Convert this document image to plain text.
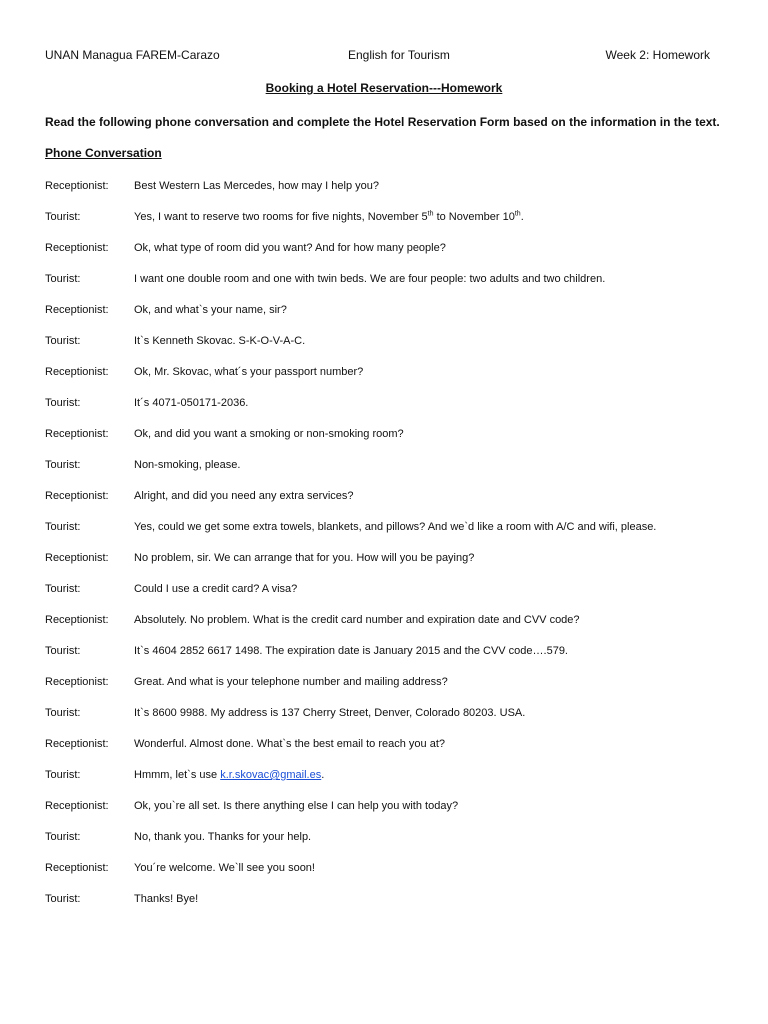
UNAN Managua FAREM-Carazo	English for Tourism	Week 2: Homework
Booking a Hotel Reservation---Homework
Read the following phone conversation and complete the Hotel Reservation Form based on the information in the text.
Phone Conversation
Receptionist: Best Western Las Mercedes, how may I help you?
Tourist:	Yes, I want to reserve two rooms for five nights, November 5th to November 10th.
Receptionist: Ok, what type of room did you want? And for how many people?
Tourist:	I want one double room and one with twin beds. We are four people: two adults and two children.
Receptionist: Ok, and what`s your name, sir?
Tourist:	It`s Kenneth Skovac. S-K-O-V-A-C.
Receptionist: Ok, Mr. Skovac, what´s your passport number?
Tourist:	It´s 4071-050171-2036.
Receptionist: Ok, and did you want a smoking or non-smoking room?
Tourist:	Non-smoking, please.
Receptionist: Alright, and did you need any extra services?
Tourist:	Yes, could we get some extra towels, blankets, and pillows? And we`d like a room with A/C and wifi, please.
Receptionist: No problem, sir. We can arrange that for you. How will you be paying?
Tourist:	Could I use a credit card? A visa?
Receptionist: Absolutely. No problem. What is the credit card number and expiration date and CVV code?
Tourist:	It`s 4604 2852 6617 1498. The expiration date is January 2015 and the CVV code….579.
Receptionist: Great. And what is your telephone number and mailing address?
Tourist:	It`s 8600 9988. My address is 137 Cherry Street, Denver, Colorado 80203. USA.
Receptionist: Wonderful. Almost done. What`s the best email to reach you at?
Tourist:	Hmmm, let`s use k.r.skovac@gmail.es.
Receptionist: Ok, you`re all set. Is there anything else I can help you with today?
Tourist:	No, thank you. Thanks for your help.
Receptionist: You´re welcome. We`ll see you soon!
Tourist:	Thanks! Bye!
